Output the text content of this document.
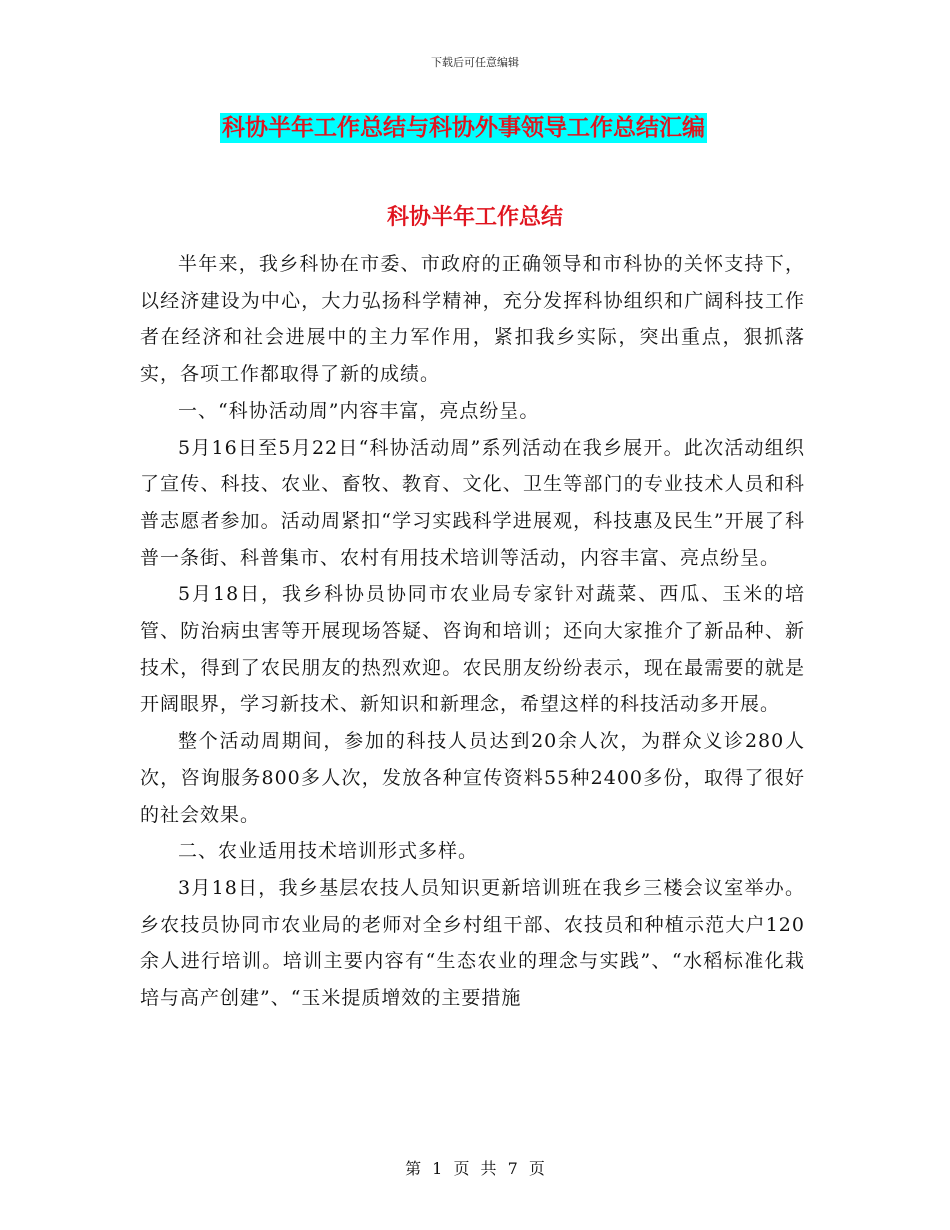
下载后可任意编辑
科协半年工作总结与科协外事领导工作总结汇编
科协半年工作总结

半年来，我乡科协在市委、市政府的正确领导和市科协的关怀支持下，以经济建设为中心，大力弘扬科学精神，充分发挥科协组织和广阔科技工作者在经济和社会进展中的主力军作用，紧扣我乡实际，突出重点，狠抓落实，各项工作都取得了新的成绩。

一、“科协活动周”内容丰富，亮点纷呈。

5月16日至5月22日“科协活动周”系列活动在我乡展开。此次活动组织了宣传、科技、农业、畜牧、教育、文化、卫生等部门的专业技术人员和科普志愿者参加。活动周紧扣“学习实践科学进展观，科技惠及民生”开展了科普一条街、科普集市、农村有用技术培训等活动，内容丰富、亮点纷呈。

5月18日，我乡科协员协同市农业局专家针对蔬菜、西瓜、玉米的培管、防治病虫害等开展现场答疑、咨询和培训；还向大家推介了新品种、新技术，得到了农民朋友的热烈欢迎。农民朋友纷纷表示，现在最需要的就是开阔眼界，学习新技术、新知识和新理念，希望这样的科技活动多开展。

整个活动周期间，参加的科技人员达到20余人次，为群众义诊280人次，咨询服务800多人次，发放各种宣传资料55种2400多份，取得了很好的社会效果。

二、农业适用技术培训形式多样。

3月18日，我乡基层农技人员知识更新培训班在我乡三楼会议室举办。乡农技员协同市农业局的老师对全乡村组干部、农技员和种植示范大户120余人进行培训。培训主要内容有“生态农业的理念与实践”、“水稻标准化栽培与高产创建”、“玉米提质增效的主要措施

第 1 页 共 7 页
